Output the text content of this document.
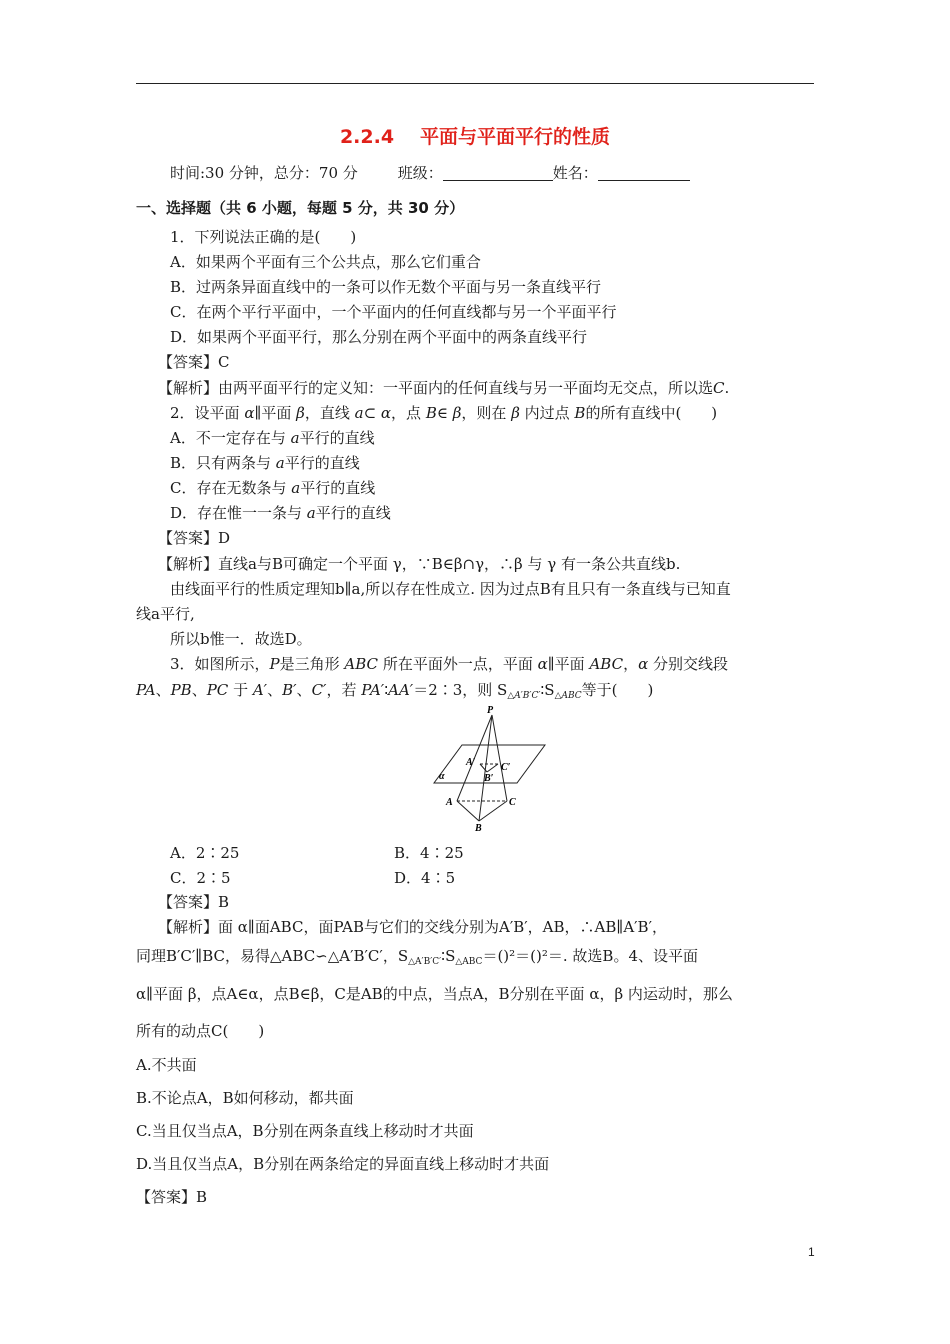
2.2.4 平面与平面平行的性质
时间:30 分钟，总分：70 分	班级：	姓名：
一、选择题（共 6 小题，每题 5 分，共 30 分）
1．下列说法正确的是(　　)
A．如果两个平面有三个公共点，那么它们重合
B．过两条异面直线中的一条可以作无数个平面与另一条直线平行
C．在两个平行平面中，一个平面内的任何直线都与另一个平面平行
D．如果两个平面平行，那么分别在两个平面中的两条直线平行
【答案】C
【解析】由两平面平行的定义知：一平面内的任何直线与另一平面均无交点，所以选C.
2．设平面 α∥平面 β，直线 a⊂ α，点 B∈ β，则在 β 内过点 B的所有直线中(　　)
A．不一定存在与 a平行的直线
B．只有两条与 a平行的直线
C．存在无数条与 a平行的直线
D．存在惟一一条与 a平行的直线
【答案】D
【解析】直线a与B可确定一个平面 γ，∵B∈β∩γ，∴β 与 γ 有一条公共直线b.
由线面平行的性质定理知b∥a,所以存在性成立. 因为过点B有且只有一条直线与已知直
线a平行,
所以b惟一．故选D。
3．如图所示，P是三角形 ABC 所在平面外一点，平面 α∥平面 ABC，α 分别交线段
PA、PB、PC 于 A′、B′、C′，若 PA′∶AA′＝2∶3，则 $S_{\triangle A'B'C'}∶S_{\triangle ABC}$等于(　　)
P
A′
B′
C′
α
A
B
C
A．2∶25	B．4∶25
C．2∶5	D．4∶5
【答案】B
【解析】面 α∥面ABC，面PAB与它们的交线分别为A′B′，AB，∴AB∥A′B′，
同理B′C′∥BC，易得△ABC∽△A′B′C′，$S_{\triangle A'B'C'}∶S_{\triangle ABC}=()^2=()^2=$. 故选B。4、设平面
α∥平面 β，点A∈α，点B∈β，C是AB的中点，当点A，B分别在平面 α，β 内运动时，那么
所有的动点C(　　)
A.不共面
B.不论点A，B如何移动，都共面
C.当且仅当点A，B分别在两条直线上移动时才共面
D.当且仅当点A，B分别在两条给定的异面直线上移动时才共面
【答案】B
1
